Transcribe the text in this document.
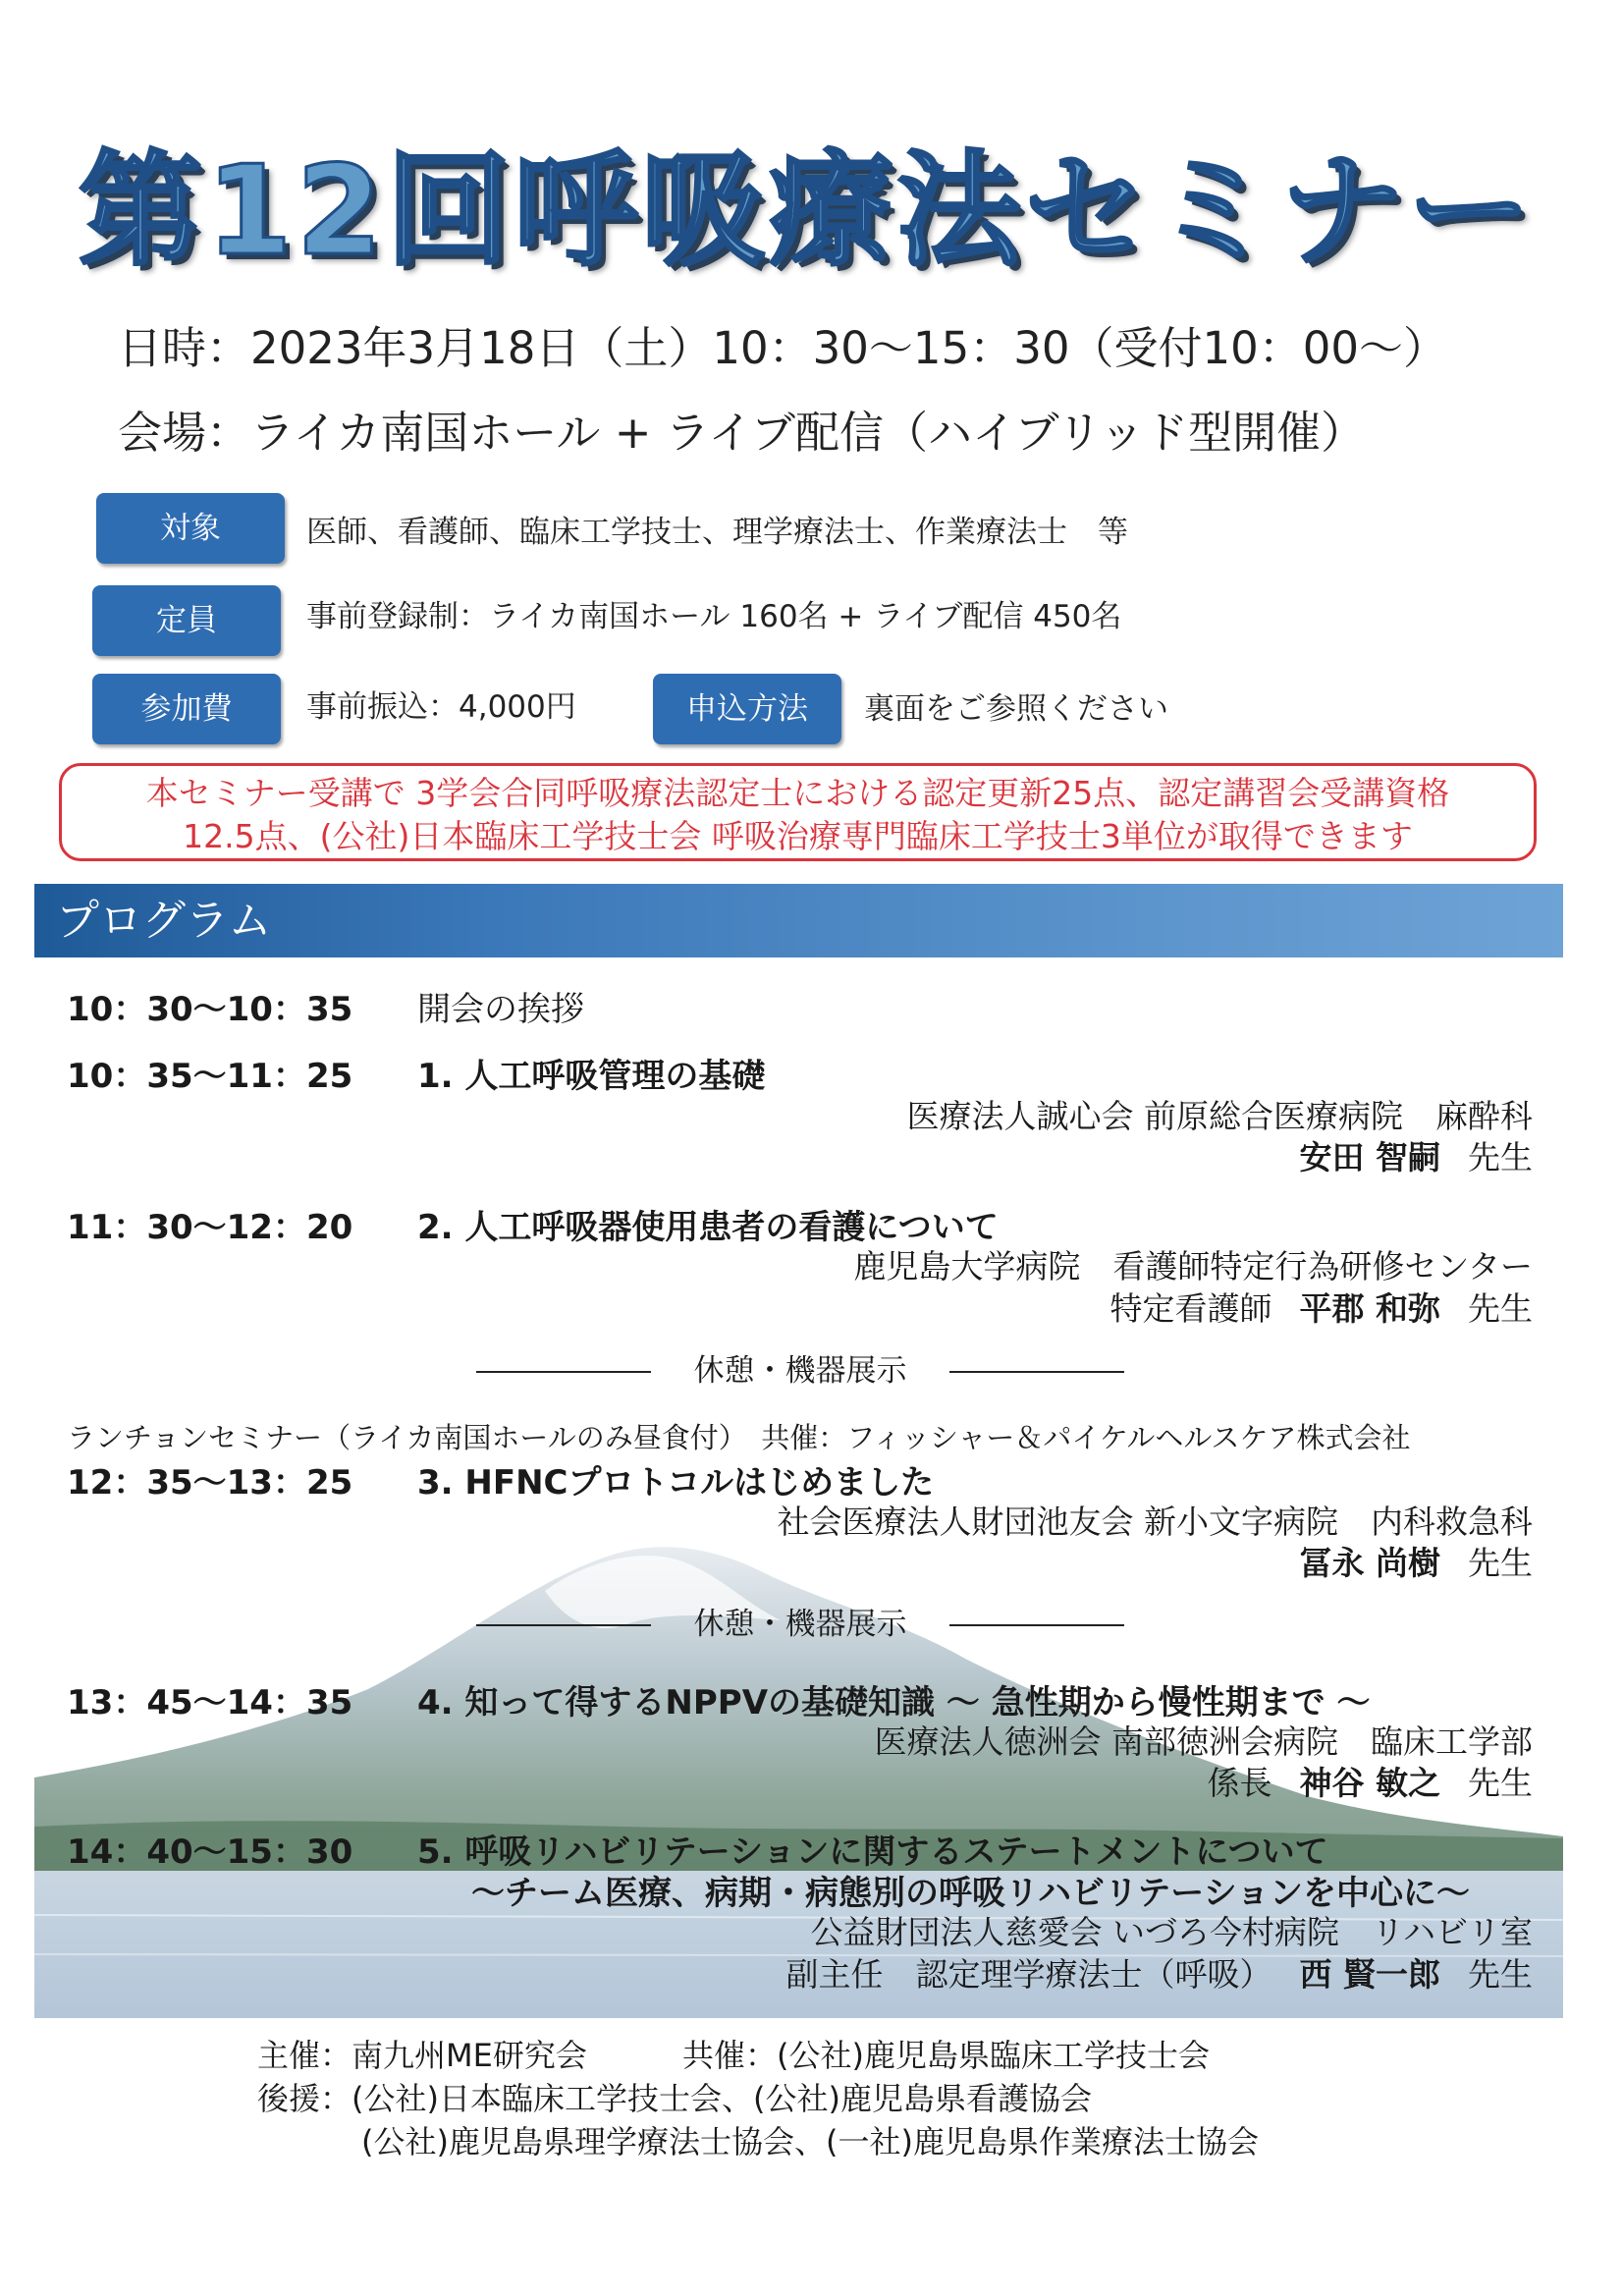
第12回呼吸療法セミナー
日時：2023年3月18日（土）10：30〜15：30（受付10：00〜）
会場：ライカ南国ホール + ライブ配信（ハイブリッド型開催）
対象	医師、看護師、臨床工学技士、理学療法士、作業療法士　等
定員	事前登録制：ライカ南国ホール 160名 + ライブ配信 450名
参加費	事前振込：4,000円	申込方法	裏面をご参照ください
本セミナー受講で 3学会合同呼吸療法認定士における認定更新25点、認定講習会受講資格
12.5点、(公社)日本臨床工学技士会 呼吸治療専門臨床工学技士3単位が取得できます
プログラム
10：30〜10：35 開会の挨拶
10：35〜11：25 1. 人工呼吸管理の基礎
医療法人誠心会 前原総合医療病院　麻酔科
安田 智嗣 先生
11：30〜12：20 2. 人工呼吸器使用患者の看護について
鹿児島大学病院　看護師特定行為研修センター
特定看護師 平郡 和弥 先生
休憩・機器展示
ランチョンセミナー（ライカ南国ホールのみ昼食付）　共催：フィッシャー＆パイケルヘルスケア株式会社
12：35〜13：25 3. HFNCプロトコルはじめました
社会医療法人財団池友会 新小文字病院　内科救急科
冨永 尚樹 先生
休憩・機器展示
13：45〜14：35 4. 知って得するNPPVの基礎知識 〜 急性期から慢性期まで 〜
医療法人徳洲会 南部徳洲会病院　臨床工学部
係長 神谷 敏之 先生
14：40〜15：30 5. 呼吸リハビリテーションに関するステートメントについて
〜チーム医療、病期・病態別の呼吸リハビリテーションを中心に〜
公益財団法人慈愛会 いづろ今村病院　リハビリ室
副主任　認定理学療法士（呼吸） 西 賢一郎 先生
主催：南九州ME研究会	共催：(公社)鹿児島県臨床工学技士会
後援：(公社)日本臨床工学技士会、(公社)鹿児島県看護協会
(公社)鹿児島県理学療法士協会、(一社)鹿児島県作業療法士協会
